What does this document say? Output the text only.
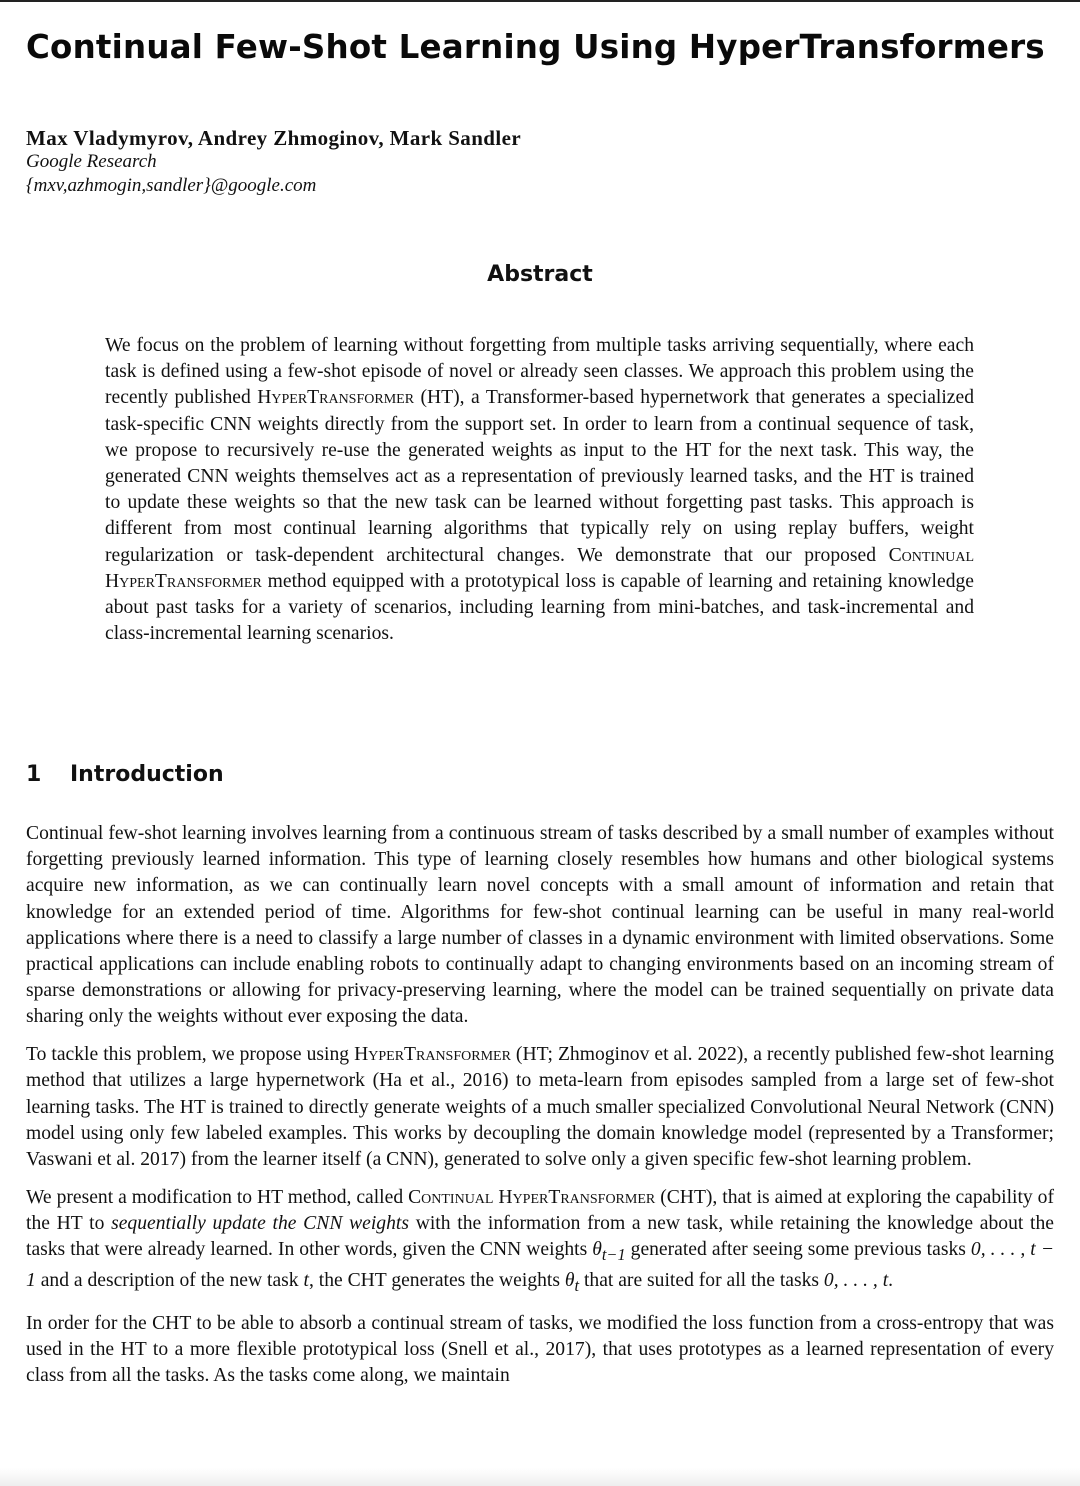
Continual Few-Shot Learning Using HyperTransformers
Max Vladymyrov, Andrey Zhmoginov, Mark Sandler
Google Research
{mxv,azhmogin,sandler}@google.com
Abstract

We focus on the problem of learning without forgetting from multiple tasks arriving sequentially, where each task is defined using a few-shot episode of novel or already seen classes. We approach this problem using the recently published HyperTransformer (HT), a Transformer-based hypernetwork that generates a specialized task-specific CNN weights directly from the support set. In order to learn from a continual sequence of task, we propose to recursively re-use the generated weights as input to the HT for the next task. This way, the generated CNN weights themselves act as a representation of previously learned tasks, and the HT is trained to update these weights so that the new task can be learned without forgetting past tasks. This approach is different from most continual learning algorithms that typically rely on using replay buffers, weight regularization or task-dependent architectural changes. We demonstrate that our proposed Continual HyperTransformer method equipped with a prototypical loss is capable of learning and retaining knowledge about past tasks for a variety of scenarios, including learning from mini-batches, and task-incremental and class-incremental learning scenarios.

1 Introduction

Continual few-shot learning involves learning from a continuous stream of tasks described by a small number of examples without forgetting previously learned information. This type of learning closely resembles how humans and other biological systems acquire new information, as we can continually learn novel concepts with a small amount of information and retain that knowledge for an extended period of time. Algorithms for few-shot continual learning can be useful in many real-world applications where there is a need to classify a large number of classes in a dynamic environment with limited observations. Some practical applications can include enabling robots to continually adapt to changing environments based on an incoming stream of sparse demonstrations or allowing for privacy-preserving learning, where the model can be trained sequentially on private data sharing only the weights without ever exposing the data.

To tackle this problem, we propose using HyperTransformer (HT; Zhmoginov et al. 2022), a recently published few-shot learning method that utilizes a large hypernetwork (Ha et al., 2016) to meta-learn from episodes sampled from a large set of few-shot learning tasks. The HT is trained to directly generate weights of a much smaller specialized Convolutional Neural Network (CNN) model using only few labeled examples. This works by decoupling the domain knowledge model (represented by a Transformer; Vaswani et al. 2017) from the learner itself (a CNN), generated to solve only a given specific few-shot learning problem.

We present a modification to HT method, called Continual HyperTransformer (CHT), that is aimed at exploring the capability of the HT to sequentially update the CNN weights with the information from a new task, while retaining the knowledge about the tasks that were already learned. In other words, given the CNN weights $\theta_{t-1}$ generated after seeing some previous tasks 0, . . . , t − 1 and a description of the new task t, the CHT generates the weights $\theta_t$ that are suited for all the tasks 0, . . . , t.

In order for the CHT to be able to absorb a continual stream of tasks, we modified the loss function from a cross-entropy that was used in the HT to a more flexible prototypical loss (Snell et al., 2017), that uses prototypes as a learned representation of every class from all the tasks. As the tasks come along, we maintain
